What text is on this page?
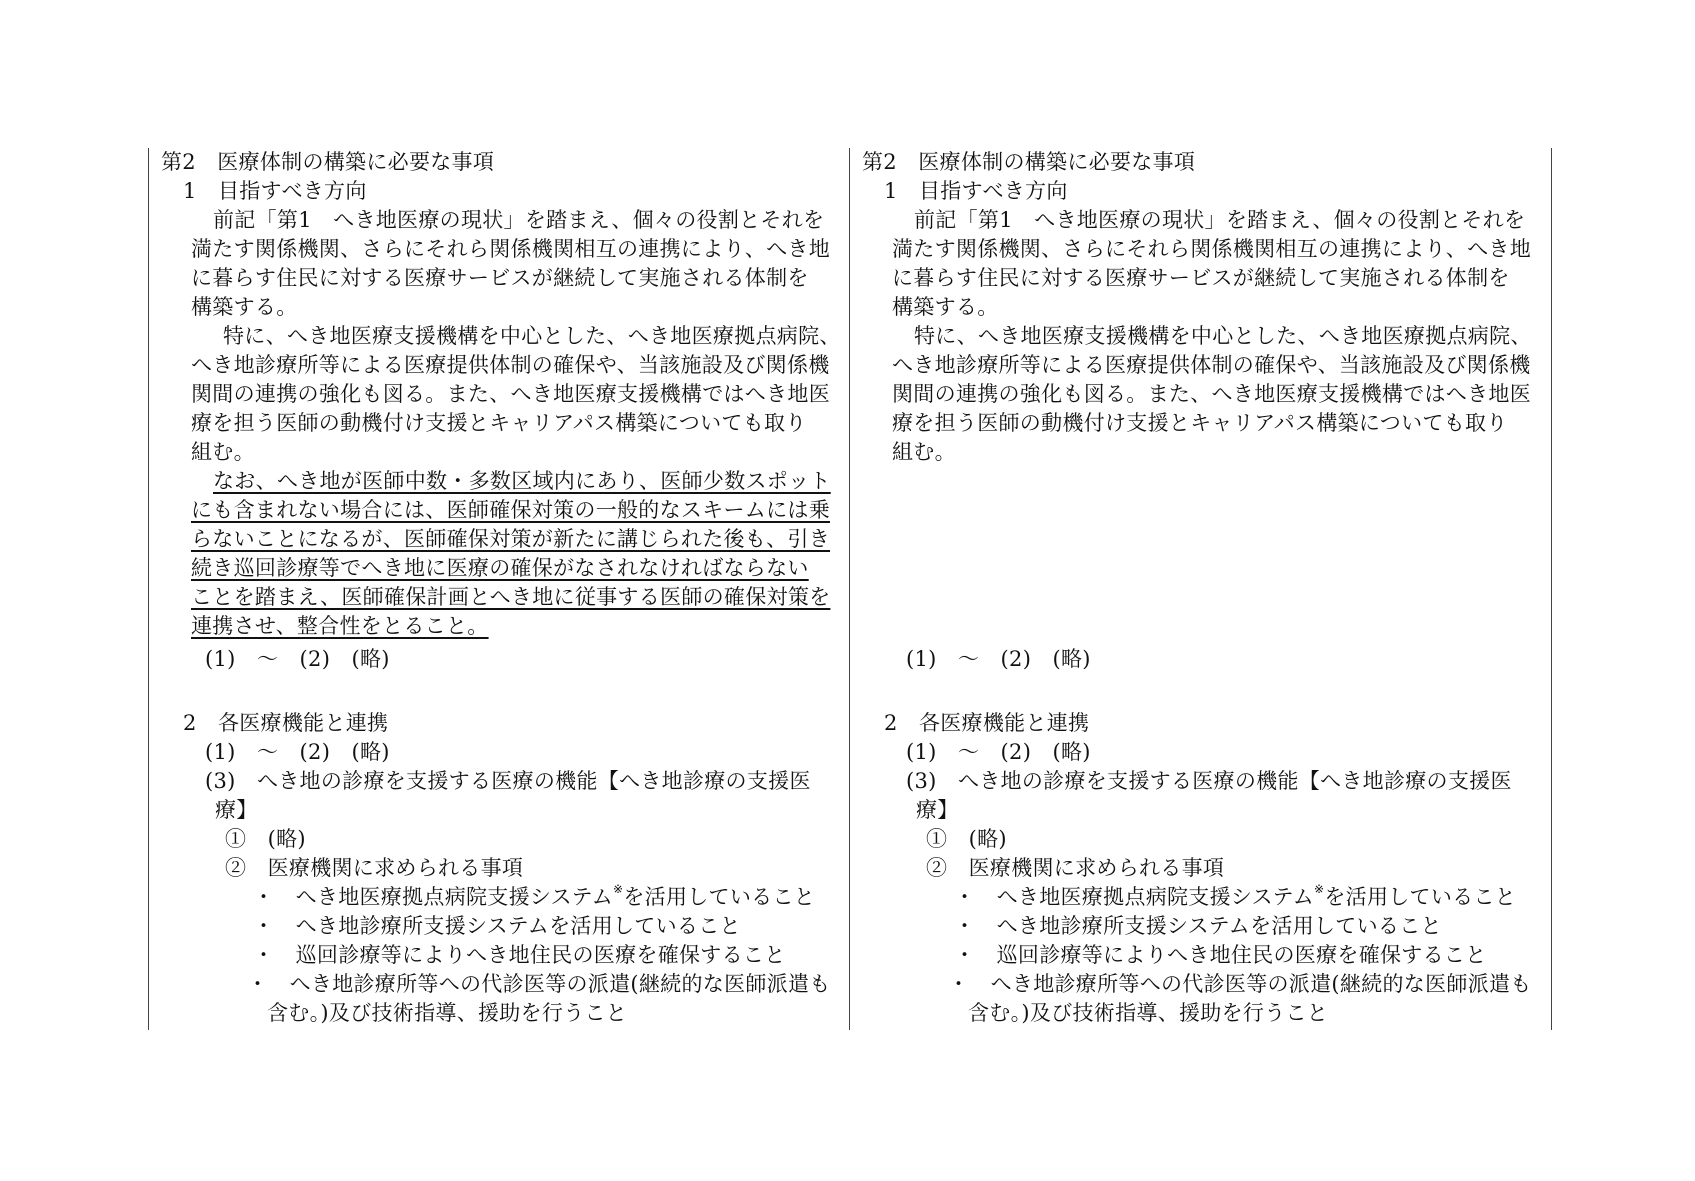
第2　医療体制の構築に必要な事項
1　目指すべき方向
前記「第1　へき地医療の現状」を踏まえ、個々の役割とそれを
満たす関係機関、さらにそれら関係機関相互の連携により、へき地
に暮らす住民に対する医療サービスが継続して実施される体制を
構築する。
特に、へき地医療支援機構を中心とした、へき地医療拠点病院、
へき地診療所等による医療提供体制の確保や、当該施設及び関係機
関間の連携の強化も図る。また、へき地医療支援機構ではへき地医
療を担う医師の動機付け支援とキャリアパス構築についても取り
組む。
なお、へき地が医師中数・多数区域内にあり、医師少数スポット
にも含まれない場合には、医師確保対策の一般的なスキームには乗
らないことになるが、医師確保対策が新たに講じられた後も、引き
続き巡回診療等でへき地に医療の確保がなされなければならない
ことを踏まえ、医師確保計画とへき地に従事する医師の確保対策を
連携させ、整合性をとること。
(1)　～　(2)　(略)
2　各医療機能と連携
(1)　～　(2)　(略)
(3)　へき地の診療を支援する医療の機能【へき地診療の支援医
療】
①　(略)
②　医療機関に求められる事項
・　へき地医療拠点病院支援システム※を活用していること
・　へき地診療所支援システムを活用していること
・　巡回診療等によりへき地住民の医療を確保すること
・　へき地診療所等への代診医等の派遣(継続的な医師派遣も
含む。)及び技術指導、援助を行うこと
第2　医療体制の構築に必要な事項
1　目指すべき方向
前記「第1　へき地医療の現状」を踏まえ、個々の役割とそれを
満たす関係機関、さらにそれら関係機関相互の連携により、へき地
に暮らす住民に対する医療サービスが継続して実施される体制を
構築する。
特に、へき地医療支援機構を中心とした、へき地医療拠点病院、
へき地診療所等による医療提供体制の確保や、当該施設及び関係機
関間の連携の強化も図る。また、へき地医療支援機構ではへき地医
療を担う医師の動機付け支援とキャリアパス構築についても取り
組む。
(1)　～　(2)　(略)
2　各医療機能と連携
(1)　～　(2)　(略)
(3)　へき地の診療を支援する医療の機能【へき地診療の支援医
療】
①　(略)
②　医療機関に求められる事項
・　へき地医療拠点病院支援システム※を活用していること
・　へき地診療所支援システムを活用していること
・　巡回診療等によりへき地住民の医療を確保すること
・　へき地診療所等への代診医等の派遣(継続的な医師派遣も
含む。)及び技術指導、援助を行うこと
